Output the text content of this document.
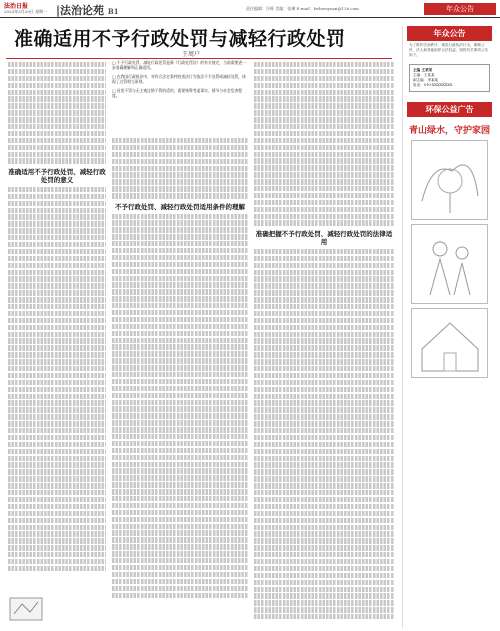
法治日报
2023年3月29日 星期一 |法治论苑 B1	责任编辑：冷辉 美编：张琳 E-mail：fzrbwuyuan@126.com	年众公告
准确适用不予行政处罚与减轻行政处罚
王周户
准确适用不予行政处罚、减轻行政处罚的意义

□ 不予行政处罚、减轻行政处罚是新《行政处罚法》的有关规定，当前需要进一步准确理解和正确适用。

□ 在我国行政执法中，对符合法定条件的违法行为依法不予处罚或减轻处罚，体现了过罚相当原则。

□ 首违不罚与无主观过错不罚的适用，需要统筹考虑事实、情节与社会危害程度。

不予行政处罚、减轻行政处罚适用条件的理解
准确把握不予行政处罚、减轻行政处罚的法律适用
年众公告
为了维护法治秩序，规范行政执法行为，保障公民、法人和其他组织合法权益，现将有关事项公告如下。
主编 王某某
主编：王某某
副主编：李某某
电话：010-XXXXXXXX
环保公益广告
青山绿水，守护家园
